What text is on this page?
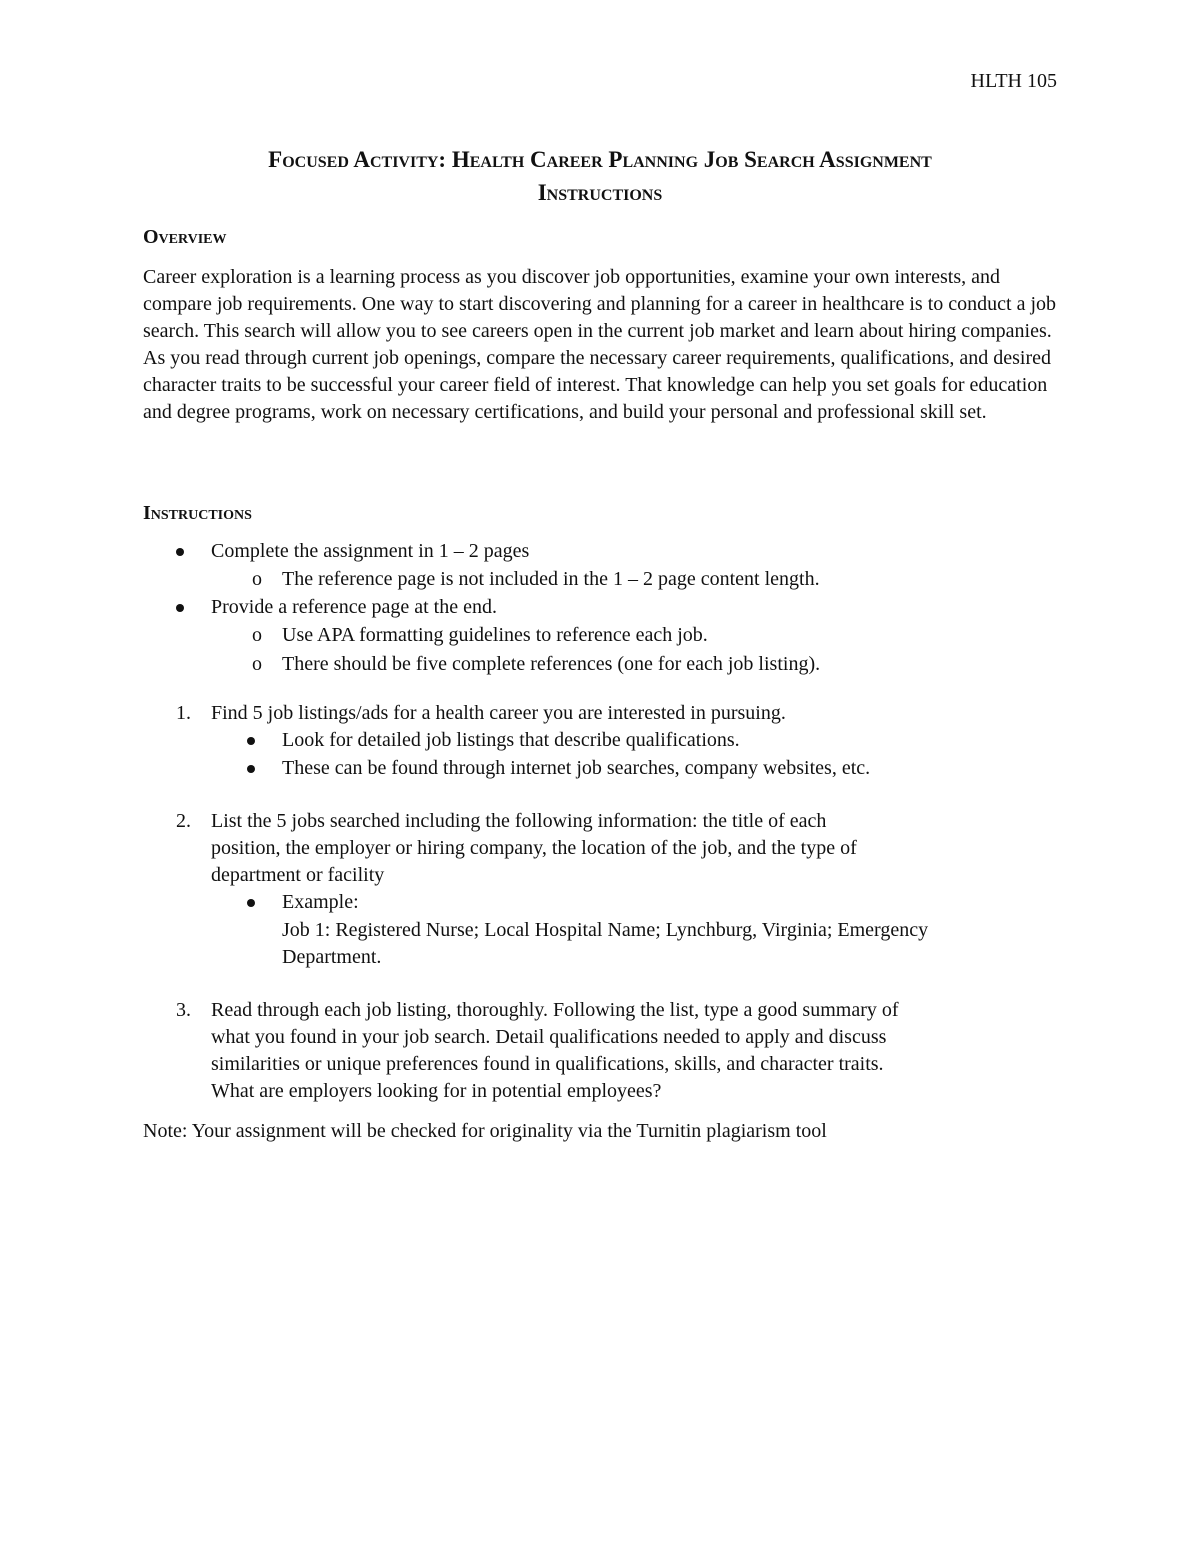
HLTH 105
Focused Activity: Health Career Planning Job Search Assignment
Instructions
Overview
Career exploration is a learning process as you discover job opportunities, examine your own interests, and compare job requirements. One way to start discovering and planning for a career in healthcare is to conduct a job search. This search will allow you to see careers open in the current job market and learn about hiring companies. As you read through current job openings, compare the necessary career requirements, qualifications, and desired character traits to be successful your career field of interest. That knowledge can help you set goals for education and degree programs, work on necessary certifications, and build your personal and professional skill set.
Instructions
Complete the assignment in 1 – 2 pages
o The reference page is not included in the 1 – 2 page content length.
Provide a reference page at the end.
o Use APA formatting guidelines to reference each job.
o There should be five complete references (one for each job listing).
1. Find 5 job listings/ads for a health career you are interested in pursuing.
Look for detailed job listings that describe qualifications.
These can be found through internet job searches, company websites, etc.
2. List the 5 jobs searched including the following information: the title of each
position, the employer or hiring company, the location of the job, and the type of
department or facility
Example:
Job 1: Registered Nurse; Local Hospital Name; Lynchburg, Virginia; Emergency
Department.
3. Read through each job listing, thoroughly. Following the list, type a good summary of
what you found in your job search. Detail qualifications needed to apply and discuss
similarities or unique preferences found in qualifications, skills, and character traits.
What are employers looking for in potential employees?
Note: Your assignment will be checked for originality via the Turnitin plagiarism tool
